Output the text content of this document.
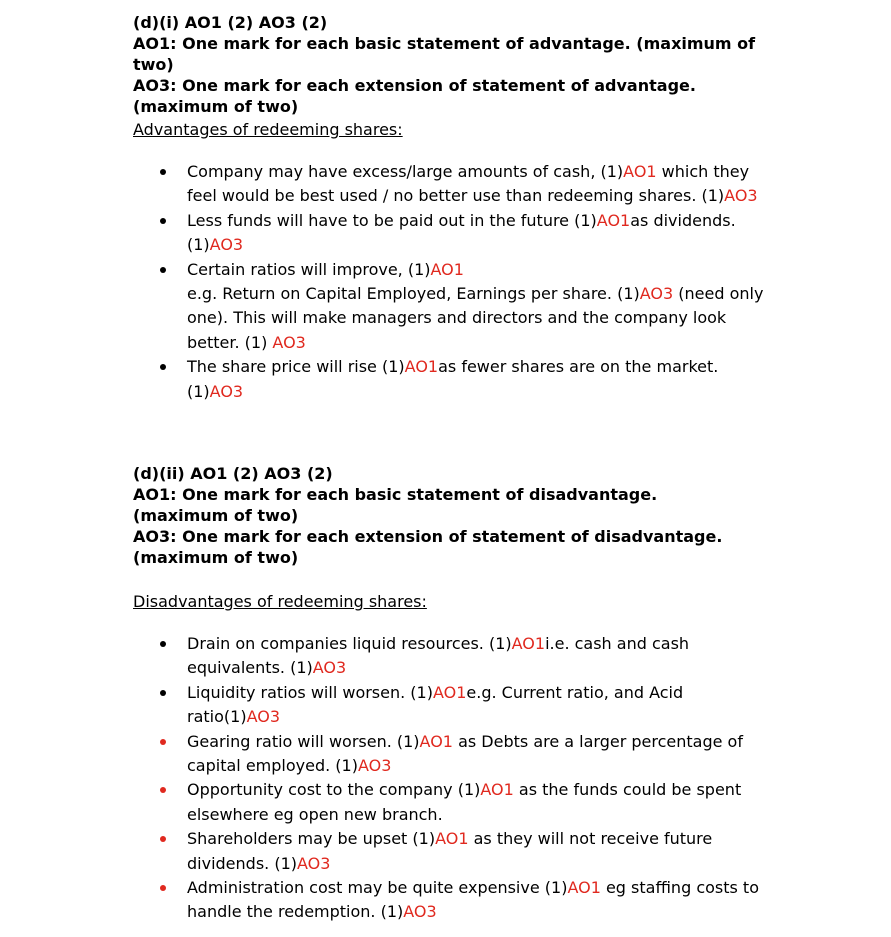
(d)(i) AO1 (2) AO3 (2)

AO1: One mark for each basic statement of advantage. (maximum of two)

AO3: One mark for each extension of statement of advantage. (maximum of two)

Advantages of redeeming shares:
Company may have excess/large amounts of cash, (1)AO1 which they feel would be best used / no better use than redeeming shares. (1)AO3
Less funds will have to be paid out in the future (1)AO1as dividends. (1)AO3
Certain ratios will improve, (1)AO1
e.g. Return on Capital Employed, Earnings per share. (1)AO3 (need only one). This will make managers and directors and the company look better. (1) AO3
The share price will rise (1)AO1as fewer shares are on the market. (1)AO3

(d)(ii) AO1 (2) AO3 (2)

AO1: One mark for each basic statement of disadvantage. (maximum of two)

AO3: One mark for each extension of statement of disadvantage. (maximum of two)

Disadvantages of redeeming shares:
Drain on companies liquid resources. (1)AO1i.e. cash and cash equivalents. (1)AO3
Liquidity ratios will worsen. (1)AO1e.g. Current ratio, and Acid ratio(1)AO3
Gearing ratio will worsen. (1)AO1 as Debts are a larger percentage of capital employed. (1)AO3
Opportunity cost to the company (1)AO1 as the funds could be spent elsewhere eg open new branch.
Shareholders may be upset (1)AO1 as they will not receive future dividends. (1)AO3
Administration cost may be quite expensive (1)AO1 eg staffing costs to handle the redemption. (1)AO3
